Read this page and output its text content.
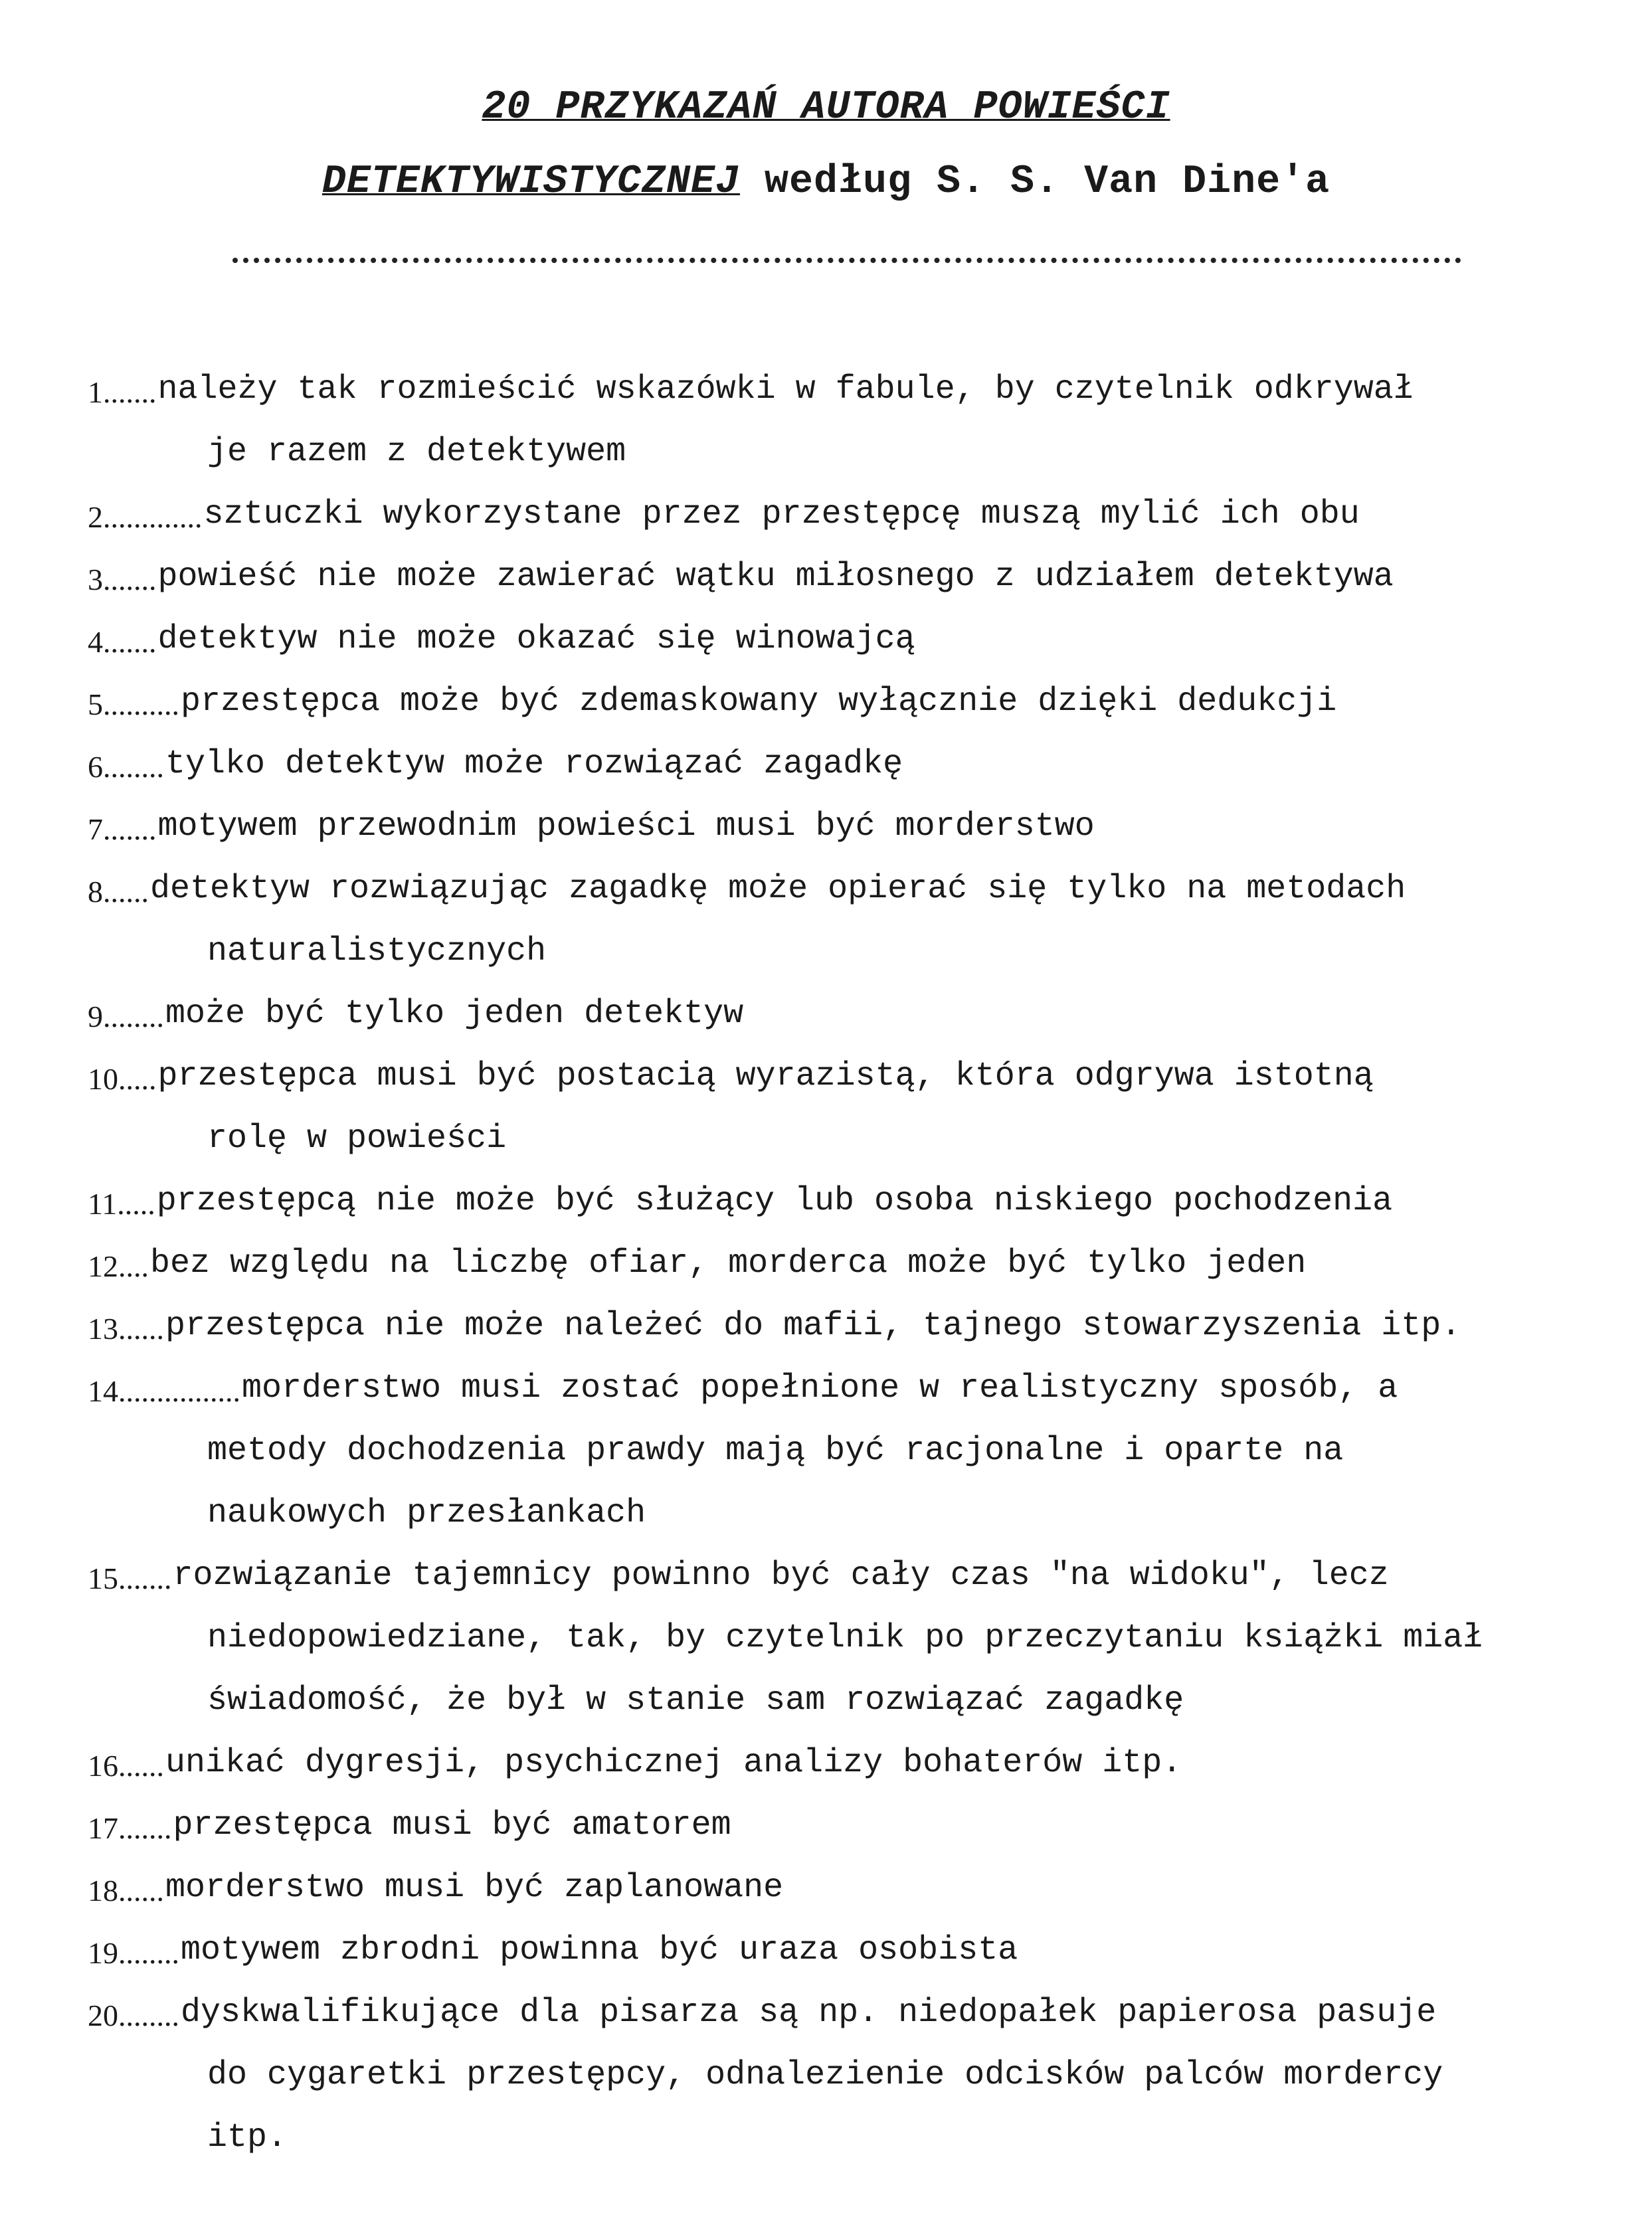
20 PRZYKAZAŃ AUTORA POWIEŚCI
DETEKTYWISTYCZNEJ według S. S. Van Dine'a
1....... należy tak rozmieścić wskazówki w fabule, by czytelnik odkrywał
je razem z detektywem
2............. sztuczki wykorzystane przez przestępcę muszą mylić ich obu
3....... powieść nie może zawierać wątku miłosnego z udziałem detektywa
4....... detektyw nie może okazać się winowajcą
5.......... przestępca może być zdemaskowany wyłącznie dzięki dedukcji
6........ tylko detektyw może rozwiązać zagadkę
7....... motywem przewodnim powieści musi być morderstwo
8...... detektyw rozwiązując zagadkę może opierać się tylko na metodach
naturalistycznych
9........ może być tylko jeden detektyw
10..... przestępca musi być postacią wyrazistą, która odgrywa istotną
rolę w powieści
11..... przestępcą nie może być służący lub osoba niskiego pochodzenia
12.... bez względu na liczbę ofiar, morderca może być tylko jeden
13...... przestępca nie może należeć do mafii, tajnego stowarzyszenia itp.
14................ morderstwo musi zostać popełnione w realistyczny sposób, a
metody dochodzenia prawdy mają być racjonalne i oparte na
naukowych przesłankach
15....... rozwiązanie tajemnicy powinno być cały czas "na widoku", lecz
niedopowiedziane, tak, by czytelnik po przeczytaniu książki miał
świadomość, że był w stanie sam rozwiązać zagadkę
16...... unikać dygresji, psychicznej analizy bohaterów itp.
17....... przestępca musi być amatorem
18...... morderstwo musi być zaplanowane
19........ motywem zbrodni powinna być uraza osobista
20........ dyskwalifikujące dla pisarza są np. niedopałek papierosa pasuje
do cygaretki przestępcy, odnalezienie odcisków palców mordercy
itp.
